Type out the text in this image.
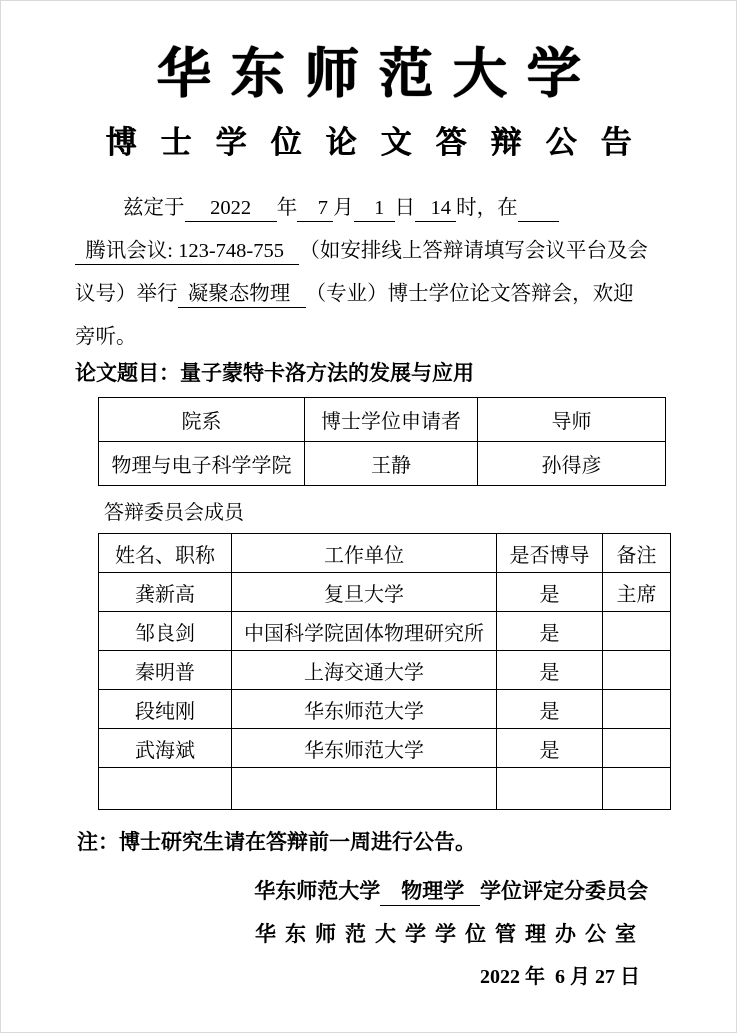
华东师范大学
博士学位论文答辩公告
兹定于     2022     年    7 月    1  日   14 时，在
腾讯会议: 123-748-755   （如安排线上答辩请填写会议平台及会
议号）举行  凝聚态物理   （专业）博士学位论文答辩会，欢迎
旁听。
论文题目：量子蒙特卡洛方法的发展与应用
院系	博士学位申请者	导师
物理与电子科学学院	王静	孙得彦
答辩委员会成员
姓名、职称	工作单位	是否博导	备注
龚新高	复旦大学	是	主席
邹良剑	中国科学院固体物理研究所	是	
秦明普	上海交通大学	是	
段纯刚	华东师范大学	是	
武海斌	华东师范大学	是	

注：博士研究生请在答辩前一周进行公告。
华东师范大学    物理学   学位评定分委员会
华东师范大学学位管理办公室
2022 年  6 月 27 日
